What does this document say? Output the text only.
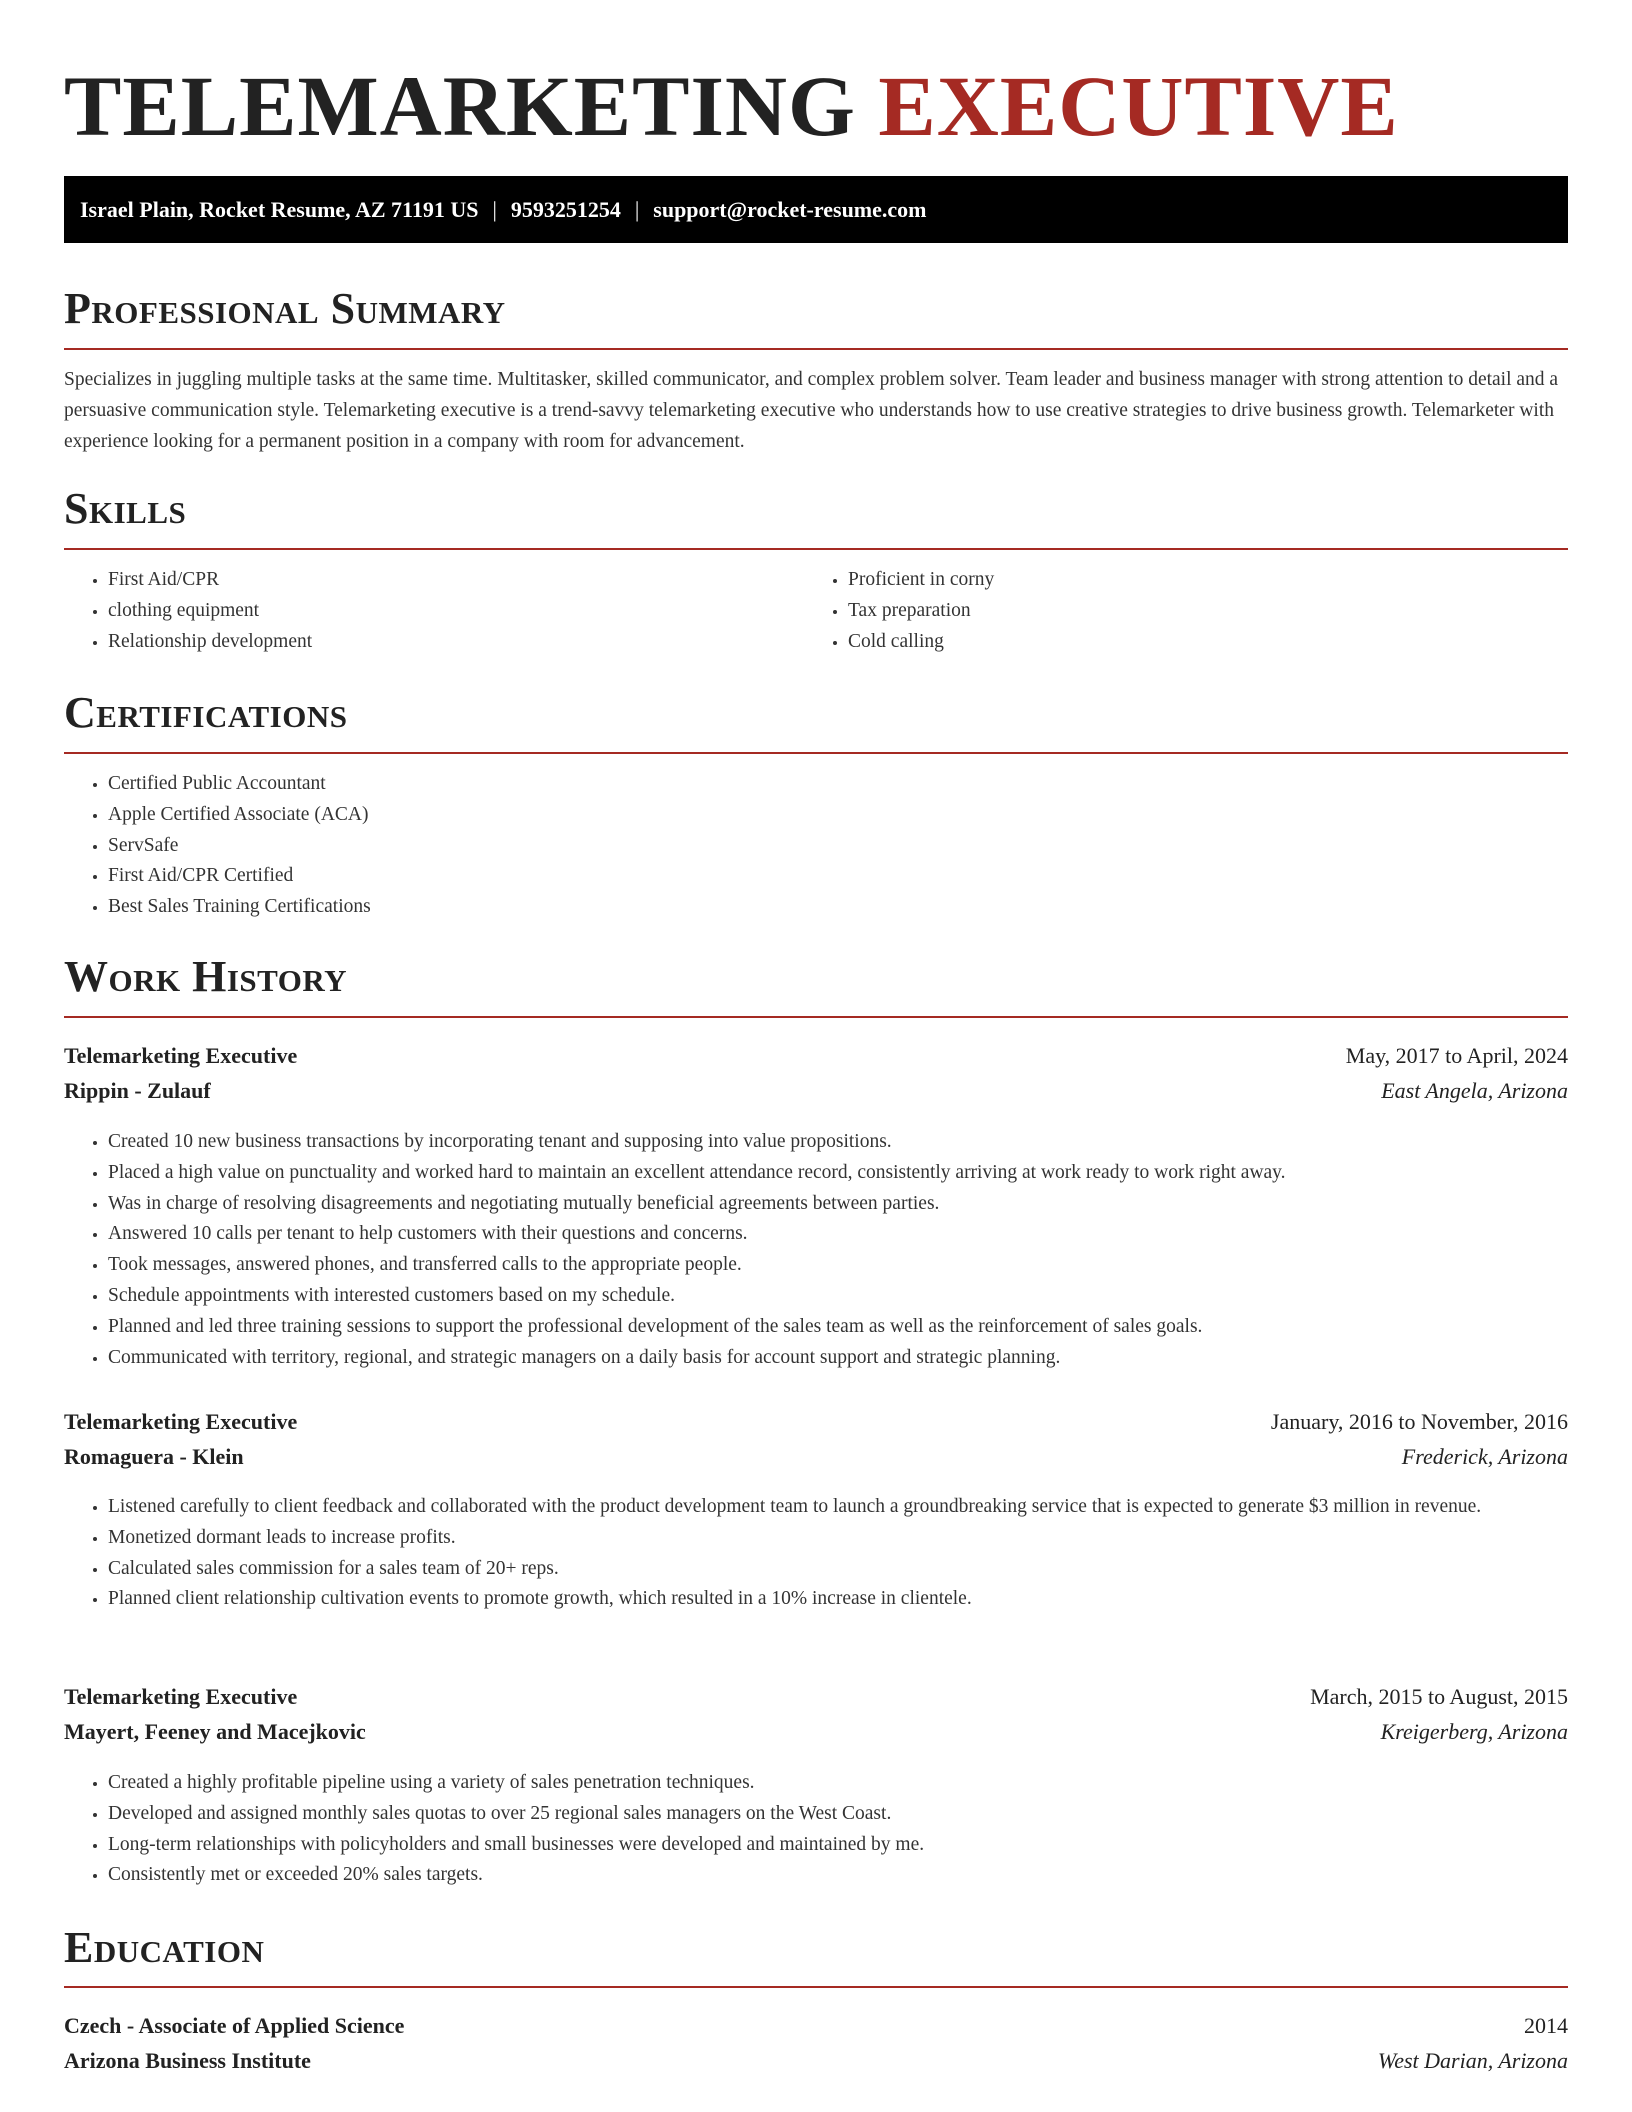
TELEMARKETING EXECUTIVE
Israel Plain, Rocket Resume, AZ 71191 US | 9593251254 | support@rocket-resume.com
Professional Summary

Specializes in juggling multiple tasks at the same time. Multitasker, skilled communicator, and complex problem solver. Team leader and business manager with strong attention to detail and a persuasive communication style. Telemarketing executive is a trend-savvy telemarketing executive who understands how to use creative strategies to drive business growth. Telemarketer with experience looking for a permanent position in a company with room for advancement.

Skills
• First Aid/CPR
• clothing equipment
• Relationship development
• Proficient in corny
• Tax preparation
• Cold calling
Certifications
• Certified Public Accountant
• Apple Certified Associate (ACA)
• ServSafe
• First Aid/CPR Certified
• Best Sales Training Certifications
Work History
Telemarketing Executive	May, 2017 to April, 2024
Rippin - Zulauf	East Angela, Arizona
• Created 10 new business transactions by incorporating tenant and supposing into value propositions.
• Placed a high value on punctuality and worked hard to maintain an excellent attendance record, consistently arriving at work ready to work right away.
• Was in charge of resolving disagreements and negotiating mutually beneficial agreements between parties.
• Answered 10 calls per tenant to help customers with their questions and concerns.
• Took messages, answered phones, and transferred calls to the appropriate people.
• Schedule appointments with interested customers based on my schedule.
• Planned and led three training sessions to support the professional development of the sales team as well as the reinforcement of sales goals.
• Communicated with territory, regional, and strategic managers on a daily basis for account support and strategic planning.
Telemarketing Executive	January, 2016 to November, 2016
Romaguera - Klein	Frederick, Arizona
• Listened carefully to client feedback and collaborated with the product development team to launch a groundbreaking service that is expected to generate $3 million in revenue.
• Monetized dormant leads to increase profits.
• Calculated sales commission for a sales team of 20+ reps.
• Planned client relationship cultivation events to promote growth, which resulted in a 10% increase in clientele.
Telemarketing Executive	March, 2015 to August, 2015
Mayert, Feeney and Macejkovic	Kreigerberg, Arizona
• Created a highly profitable pipeline using a variety of sales penetration techniques.
• Developed and assigned monthly sales quotas to over 25 regional sales managers on the West Coast.
• Long-term relationships with policyholders and small businesses were developed and maintained by me.
• Consistently met or exceeded 20% sales targets.
Education
Czech - Associate of Applied Science	2014
Arizona Business Institute	West Darian, Arizona
